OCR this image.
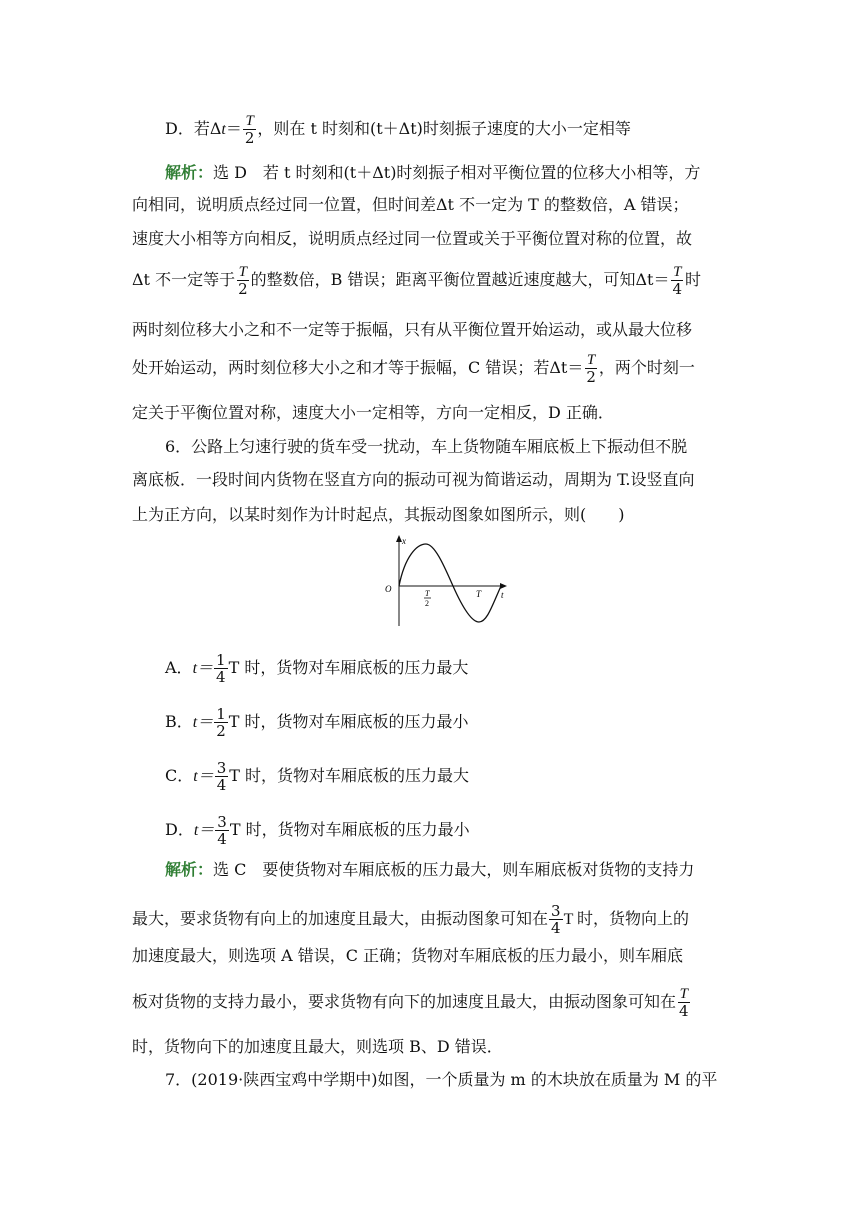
D．若$\Delta t= \frac{T}{2}$ ，则在 t 时刻和(t＋Δt)时刻振子速度的大小一定相等
解析：选 D　若 t 时刻和(t＋Δt)时刻振子相对平衡位置的位移大小相等，方
向相同，说明质点经过同一位置，但时间差Δt 不一定为 T 的整数倍，A 错误；
速度大小相等方向相反，说明质点经过同一位置或关于平衡位置对称的位置，故
Δt 不一定等于 $\frac{T}{2}$ 的整数倍，B 错误；距离平衡位置越近速度越大，可知$\Delta t= \frac{T}{4}$ 时
两时刻位移大小之和不一定等于振幅，只有从平衡位置开始运动，或从最大位移
处开始运动，两时刻位移大小之和才等于振幅，C 错误；若$\Delta t= \frac{T}{2}$ ，两个时刻一
定关于平衡位置对称，速度大小一定相等，方向一定相反，D 正确．
6．公路上匀速行驶的货车受一扰动，车上货物随车厢底板上下振动但不脱
离底板．一段时间内货物在竖直方向的振动可视为简谐运动，周期为 T.设竖直向
上为正方向，以某时刻作为计时起点，其振动图象如图所示，则(　　)
x
t
O	T
2
T
A．$t= \frac{1}{4}$ T 时，货物对车厢底板的压力最大
B．$t= \frac{1}{2}$ T 时，货物对车厢底板的压力最小
C．$t= \frac{3}{4}$ T 时，货物对车厢底板的压力最大
D．$t= \frac{3}{4}$ T 时，货物对车厢底板的压力最小
解析：选 C　要使货物对车厢底板的压力最大，则车厢底板对货物的支持力
最大，要求货物有向上的加速度且最大，由振动图象可知在 $\frac{3}{4}$ T 时，货物向上的
加速度最大，则选项 A 错误，C 正确；货物对车厢底板的压力最小，则车厢底
板对货物的支持力最小，要求货物有向下的加速度且最大，由振动图象可知在 $\frac{T}{4}$
时，货物向下的加速度且最大，则选项 B、D 错误．
7．(2019·陕西宝鸡中学期中)如图，一个质量为 m 的木块放在质量为 M 的平
